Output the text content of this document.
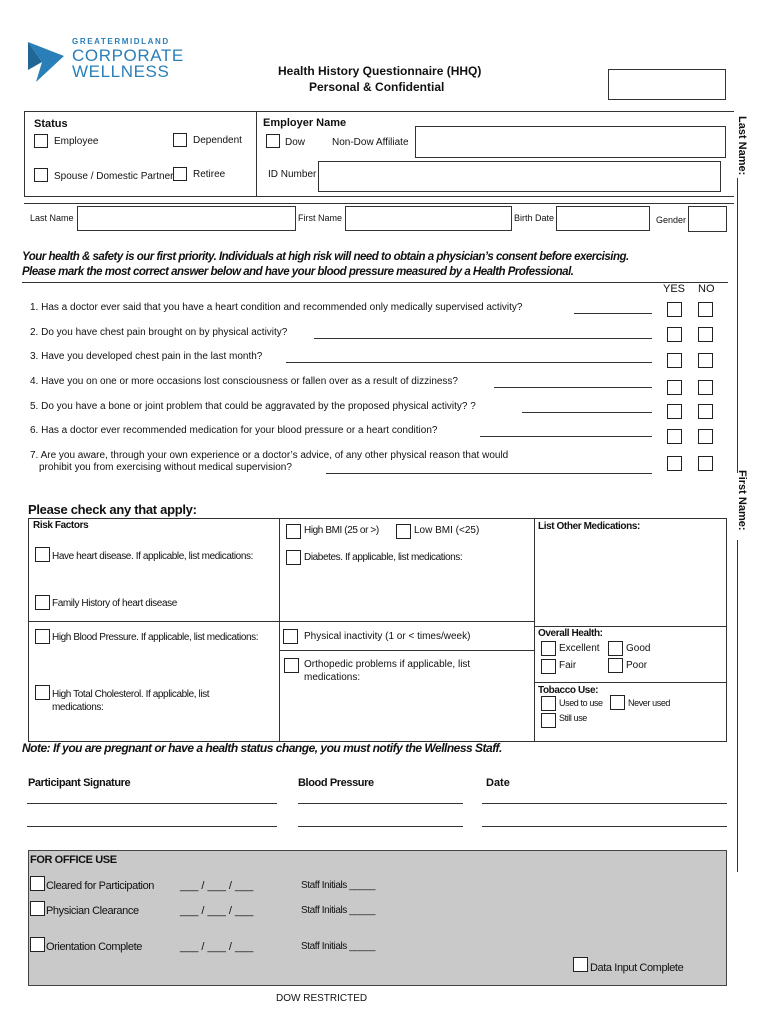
GREATERMIDLAND
CORPORATE
WELLNESS	Health History Questionnaire (HHQ)
Personal & Confidential
Status
Employee	Dependent
Spouse / Domestic Partner Retiree
Employer Name
Dow	Non-Dow Affiliate
ID Number	Last Name:
First Name:
Last Name	First Name	Birth Date	Gender
Your health & safety is our first priority. Individuals at high risk will need to obtain a physician’s consent before exercising.
Please mark the most correct answer below and have your blood pressure measured by a Health Professional.
YES NO
1. Has a doctor ever said that you have a heart condition and recommended only medically supervised activity?
2. Do you have chest pain brought on by physical activity?
3. Have you developed chest pain in the last month?
4. Have you on one or more occasions lost consciousness or fallen over as a result of dizziness?
5. Do you have a bone or joint problem that could be aggravated by the proposed physical activity? ?
6. Has a doctor ever recommended medication for your blood pressure or a heart condition?
7. Are you aware, through your own experience or a doctor’s advice, of any other physical reason that would
prohibit you from exercising without medical supervision?
Please check any that apply:
Risk Factors
Have heart disease. If applicable, list medications:
Family History of heart disease
High Blood Pressure. If applicable, list medications:
High Total Cholesterol. If applicable, list
medications:
High BMI (25 or >)	Low BMI (<25)
Diabetes. If applicable, list medications:
Physical inactivity (1 or < times/week)
Orthopedic problems if applicable, list
medications:
List Other Medications:
Overall Health:
Excellent	Good
Fair	Poor
Tobacco Use:
Used to use	Never used
Still use
Note: If you are pregnant or have a health status change, you must notify the Wellness Staff.
Participant Signature	Blood Pressure	Date
FOR OFFICE USE
Cleared for Participation ___ / ___ / ___	Staff Initials _____
Physician Clearance	___ / ___ / ___	Staff Initials _____
Orientation Complete	___ / ___ / ___	Staff Initials _____
Data Input Complete
DOW RESTRICTED
